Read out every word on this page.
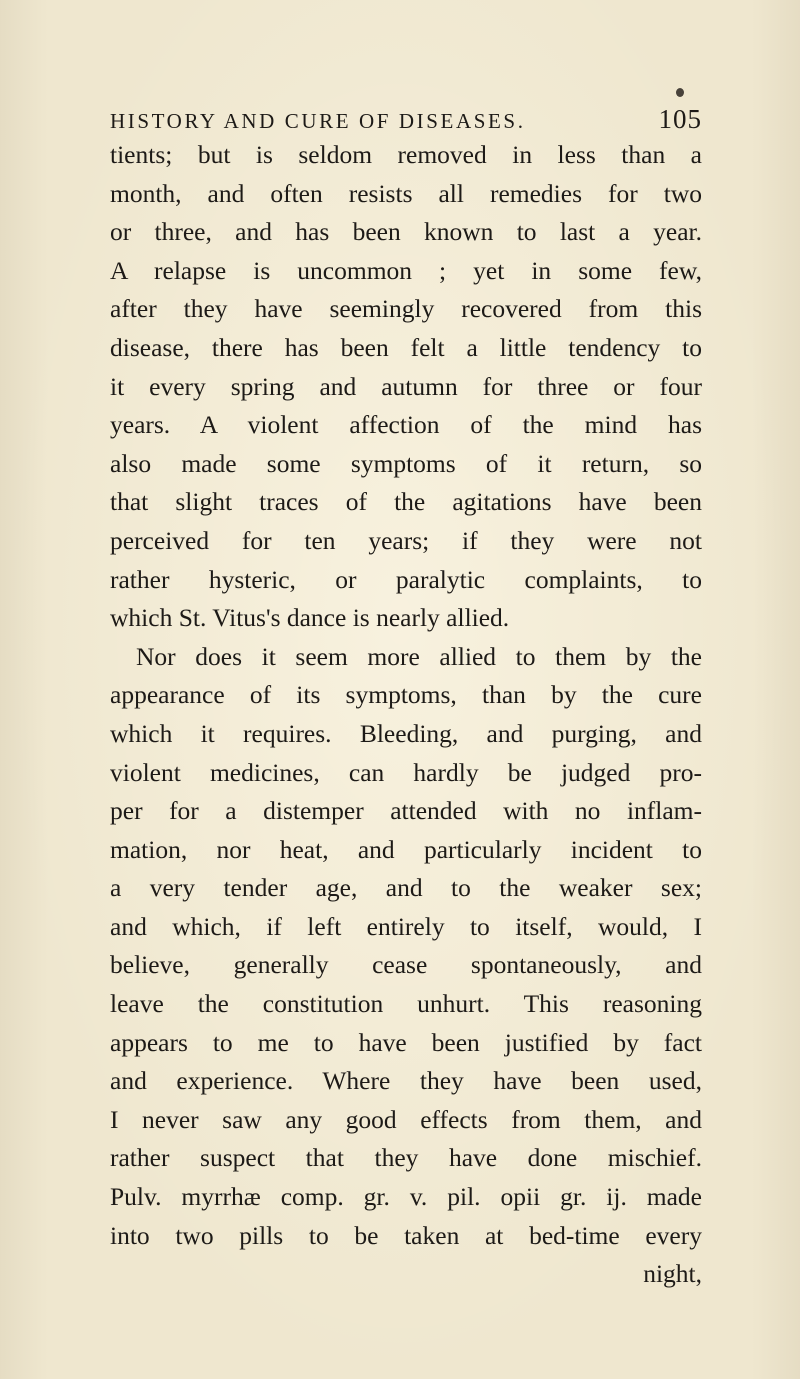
HISTORY AND CURE OF DISEASES.	105
tients; but is seldom removed in less than a
month, and often resists all remedies for two
or three, and has been known to last a year.
A relapse is uncommon ; yet in some few,
after they have seemingly recovered from this
disease, there has been felt a little tendency to
it every spring and autumn for three or four
years. A violent affection of the mind has
also made some symptoms of it return, so
that slight traces of the agitations have been
perceived for ten years; if they were not
rather hysteric, or paralytic complaints, to
which St. Vitus's dance is nearly allied.
Nor does it seem more allied to them by the
appearance of its symptoms, than by the cure
which it requires. Bleeding, and purging, and
violent medicines, can hardly be judged pro-
per for a distemper attended with no inflam-
mation, nor heat, and particularly incident to
a very tender age, and to the weaker sex;
and which, if left entirely to itself, would, I
believe, generally cease spontaneously, and
leave the constitution unhurt. This reasoning
appears to me to have been justified by fact
and experience. Where they have been used,
I never saw any good effects from them, and
rather suspect that they have done mischief.
Pulv. myrrhæ comp. gr. v. pil. opii gr. ij. made
into two pills to be taken at bed-time every
night,
